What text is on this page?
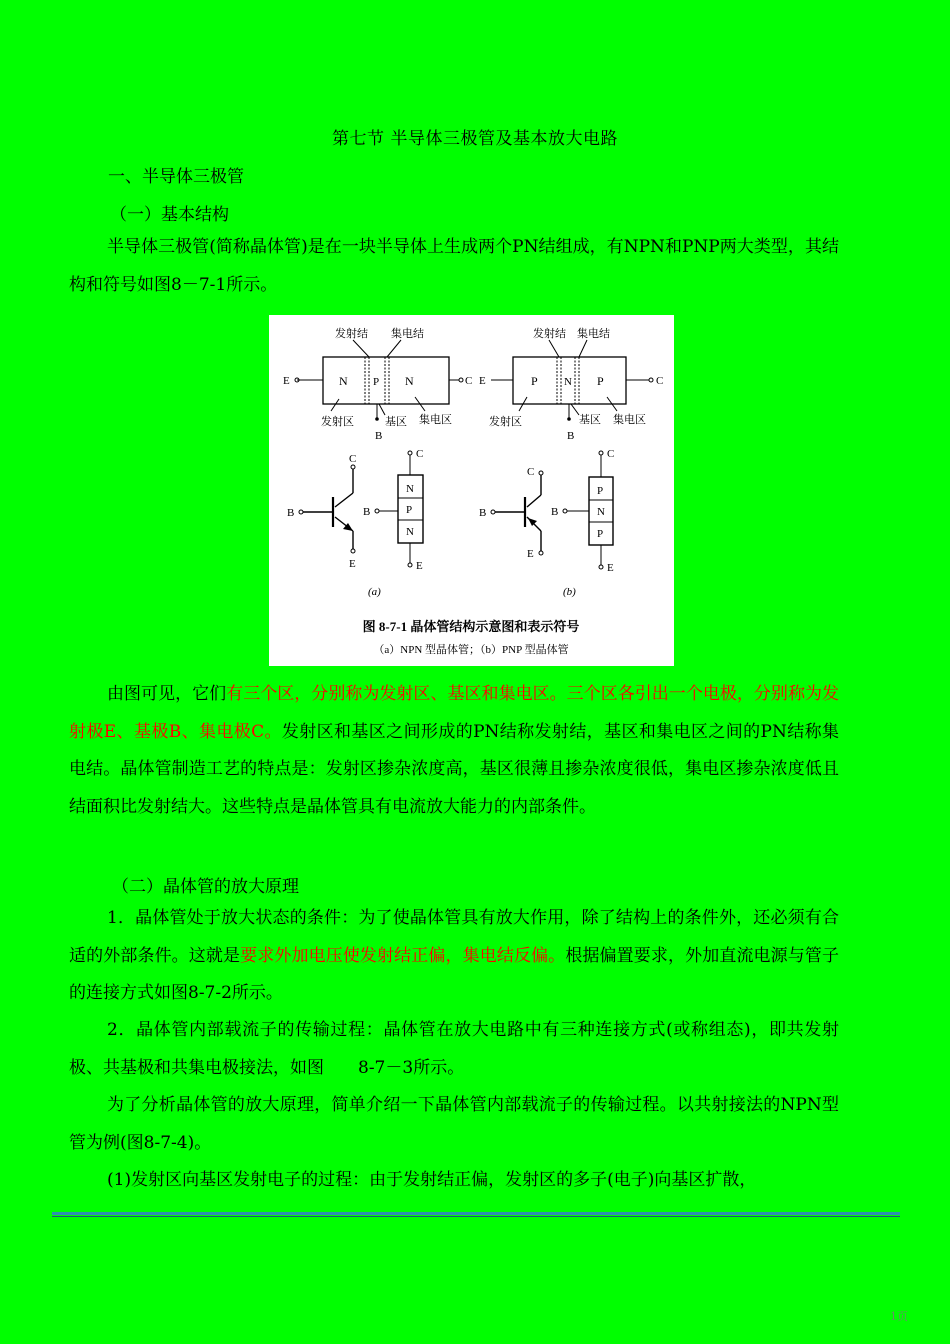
第七节 半导体三极管及基本放大电路
一、半导体三极管
（一）基本结构

半导体三极管(简称晶体管)是在一块半导体上生成两个PN结组成，有NPN和PNP两大类型，其结构和符号如图8－7-1所示。

发射结 集电结
N P N
E	C
B
发射区	基区 集电区
发射结 集电结
P N P
E	C
B
发射区	基区 集电区
C
B
E
C
N
P
N
B
E
C
B
E
C
P
N
P
B
E
(a)	(b)
图 8-7-1 晶体管结构示意图和表示符号
（a）NPN 型晶体管；（b）PNP 型晶体管

由图可见，它们有三个区，分别称为发射区、基区和集电区。三个区各引出一个电极，分别称为发射极E、基极B、集电极C。发射区和基区之间形成的PN结称发射结，基区和集电区之间的PN结称集电结。晶体管制造工艺的特点是：发射区掺杂浓度高，基区很薄且掺杂浓度很低，集电区掺杂浓度低且结面积比发射结大。这些特点是晶体管具有电流放大能力的内部条件。

（二）晶体管的放大原理

1．晶体管处于放大状态的条件：为了使晶体管具有放大作用，除了结构上的条件外，还必须有合适的外部条件。这就是要求外加电压使发射结正偏，集电结反偏。根据偏置要求，外加直流电源与管子的连接方式如图8-7-2所示。

2．晶体管内部载流子的传输过程：晶体管在放大电路中有三种连接方式(或称组态)，即共发射极、共基极和共集电极接法，如图　　8-7－3所示。

为了分析晶体管的放大原理，简单介绍一下晶体管内部载流子的传输过程。以共射接法的NPN型管为例(图8-7-4)。

(1)发射区向基区发射电子的过程：由于发射结正偏，发射区的多子(电子)向基区扩散，

1页
